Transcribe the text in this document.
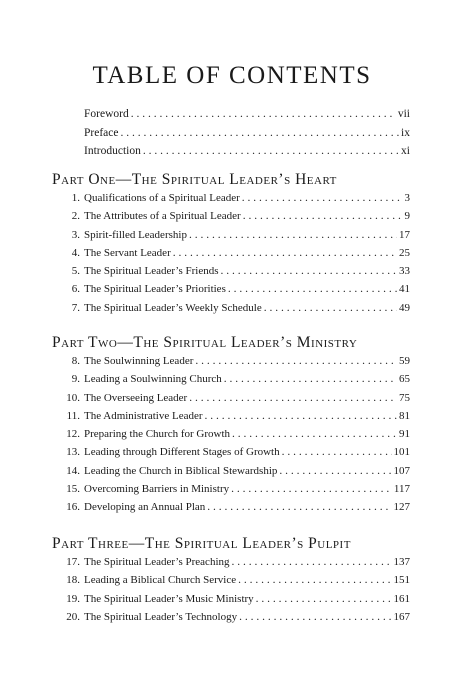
TABLE OF CONTENTS
Foreword . . .	vii
Preface . . .	ix
Introduction . . .	xi
Part One—The Spiritual Leader’s Heart
1. Qualifications of a Spiritual Leader . . .	3
2. The Attributes of a Spiritual Leader . . .	9
3. Spirit-filled Leadership . . .	17
4. The Servant Leader . . .	25
5. The Spiritual Leader’s Friends . . .	33
6. The Spiritual Leader’s Priorities . . .	41
7. The Spiritual Leader’s Weekly Schedule . . .	49
Part Two—The Spiritual Leader’s Ministry
8. The Soulwinning Leader . . .	59
9. Leading a Soulwinning Church . . .	65
10. The Overseeing Leader . . .	75
11. The Administrative Leader . . .	81
12. Preparing the Church for Growth . . .	91
13. Leading through Different Stages of Growth . . .	101
14. Leading the Church in Biblical Stewardship . . .	107
15. Overcoming Barriers in Ministry . . .	117
16. Developing an Annual Plan . . .	127
Part Three—The Spiritual Leader’s Pulpit
17. The Spiritual Leader’s Preaching . . .	137
18. Leading a Biblical Church Service . . .	151
19. The Spiritual Leader’s Music Ministry . . .	161
20. The Spiritual Leader’s Technology . . .	167
